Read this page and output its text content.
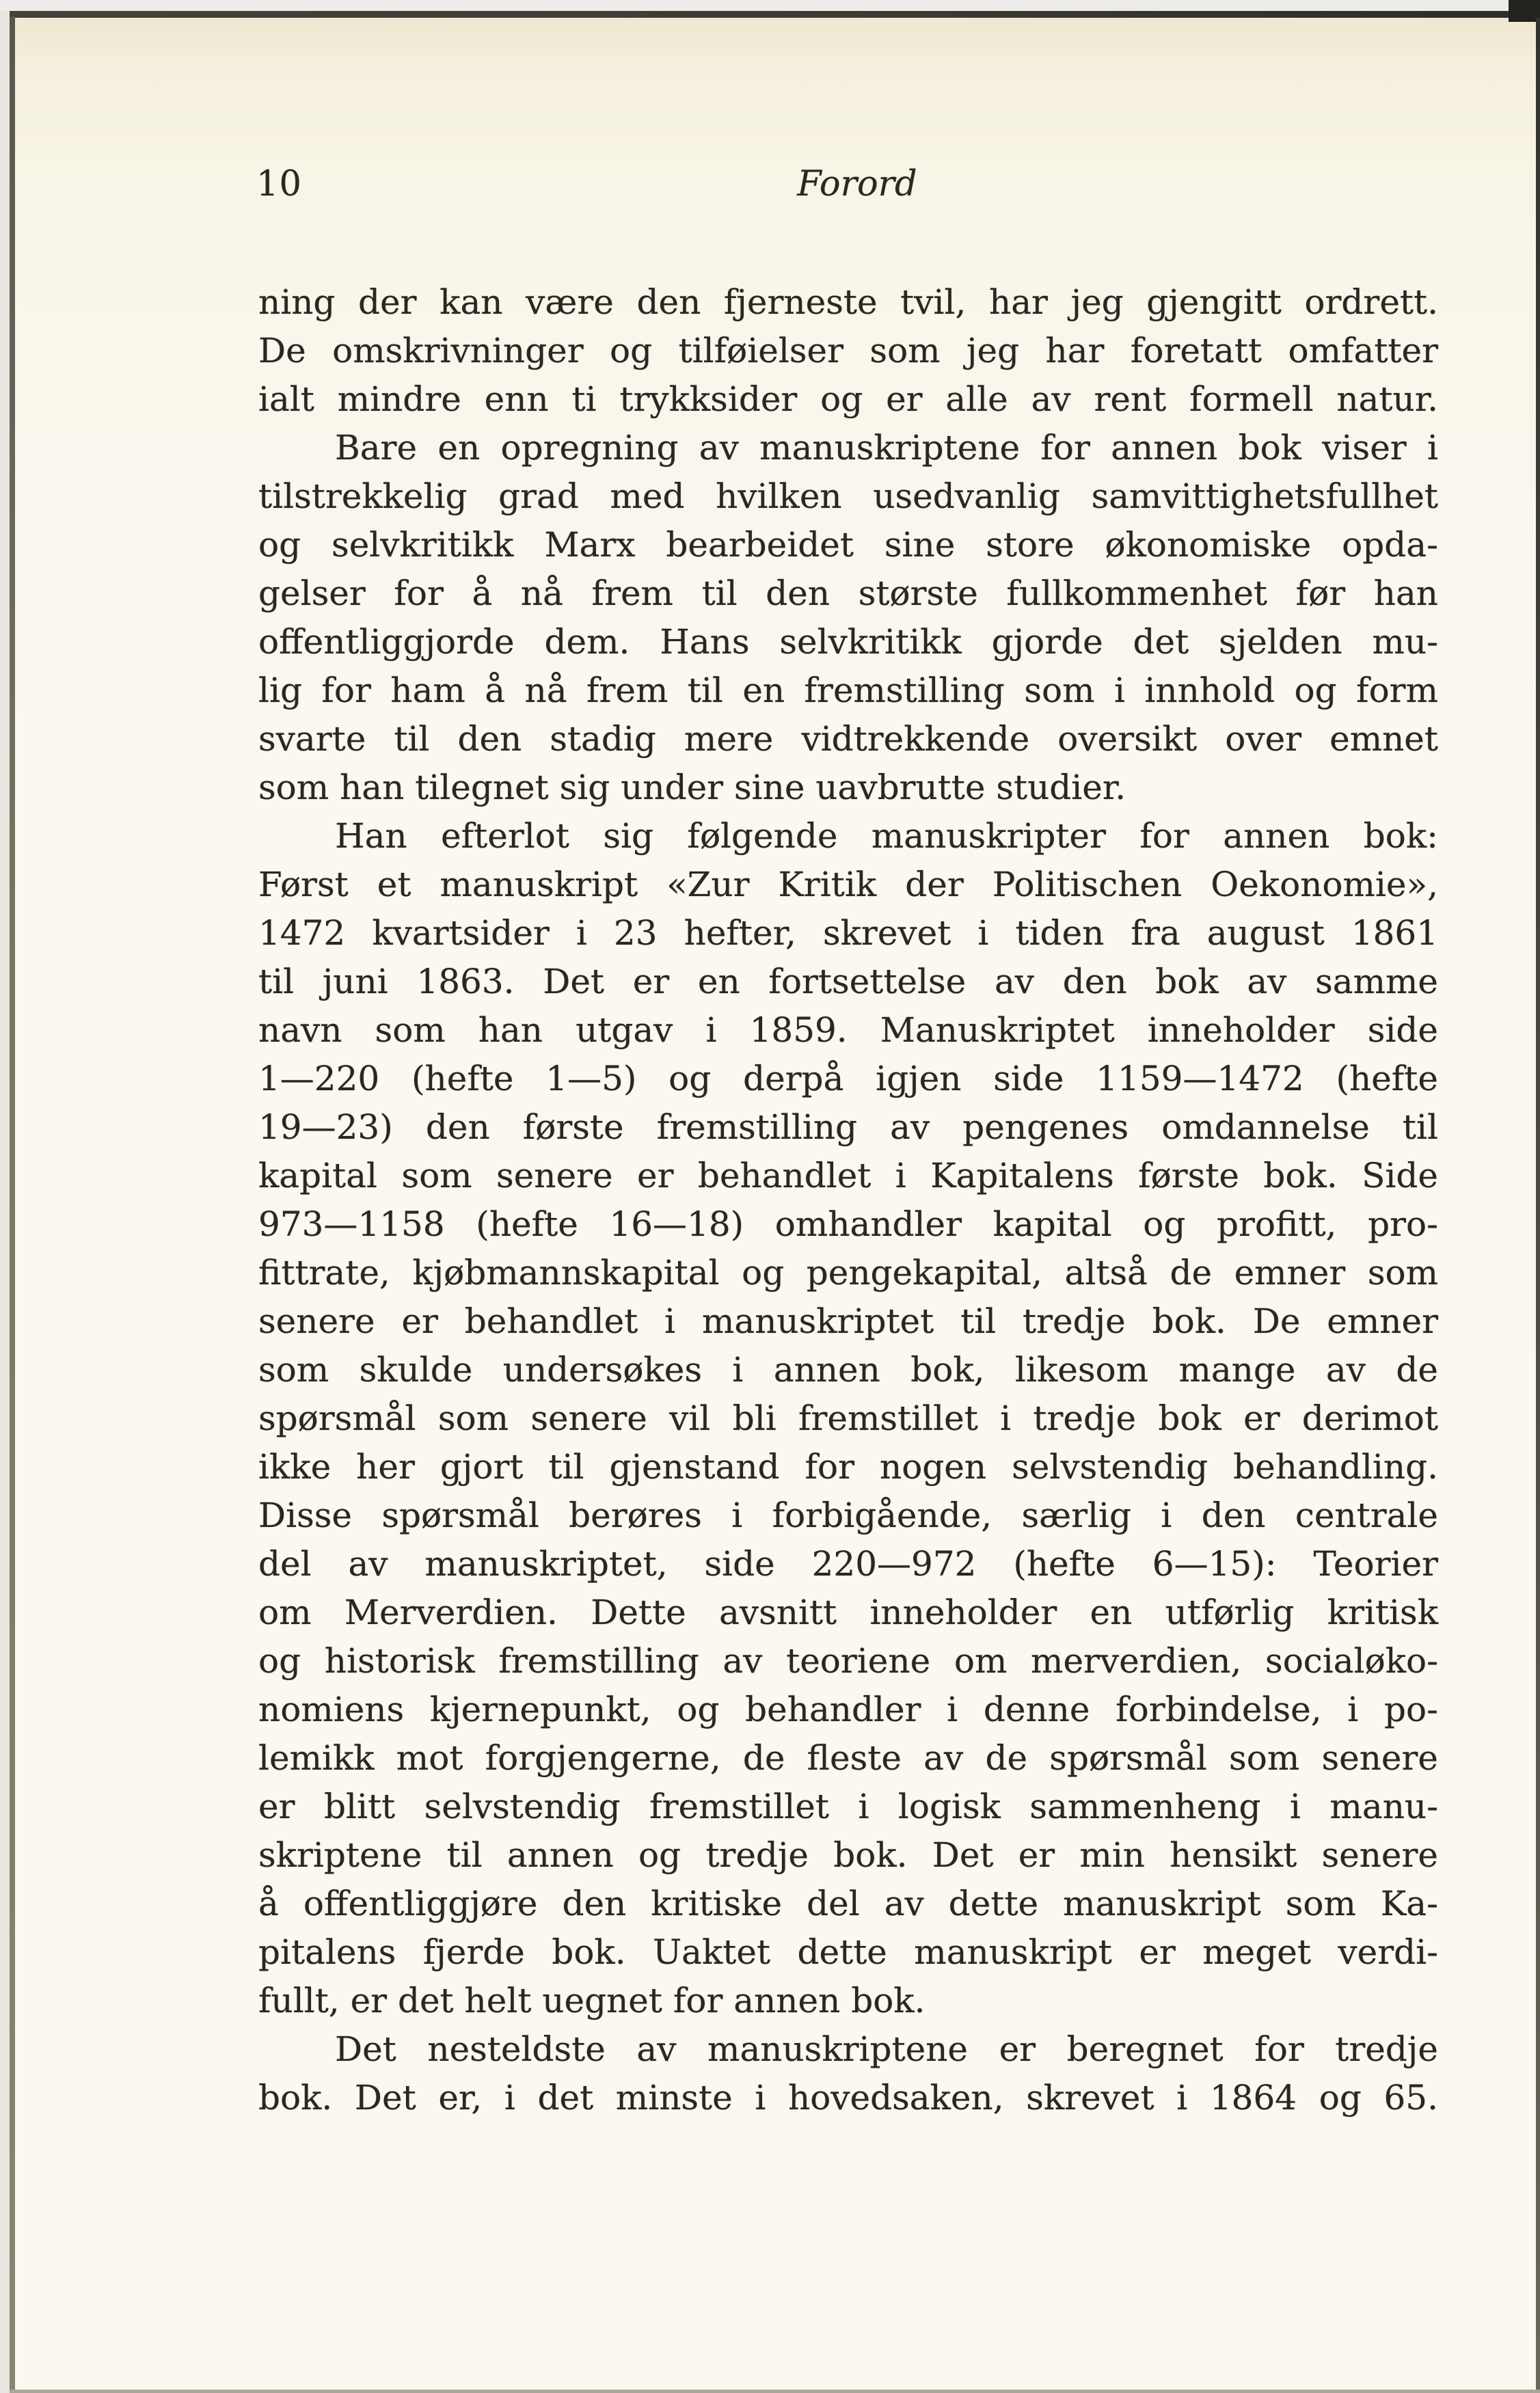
10	Forord
ning der kan være den fjerneste tvil, har jeg gjengitt ordrett.
De omskrivninger og tilføielser som jeg har foretatt omfatter
ialt mindre enn ti trykksider og er alle av rent formell natur.
Bare en opregning av manuskriptene for annen bok viser i
tilstrekkelig grad med hvilken usedvanlig samvittighetsfullhet
og selvkritikk Marx bearbeidet sine store økonomiske opda-
gelser for å nå frem til den største fullkommenhet før han
offentliggjorde dem. Hans selvkritikk gjorde det sjelden mu-
lig for ham å nå frem til en fremstilling som i innhold og form
svarte til den stadig mere vidtrekkende oversikt over emnet
som han tilegnet sig under sine uavbrutte studier.
Han efterlot sig følgende manuskripter for annen bok:
Først et manuskript «Zur Kritik der Politischen Oekonomie»,
1472 kvartsider i 23 hefter, skrevet i tiden fra august 1861
til juni 1863. Det er en fortsettelse av den bok av samme
navn som han utgav i 1859. Manuskriptet inneholder side
1—220 (hefte 1—5) og derpå igjen side 1159—1472 (hefte
19—23) den første fremstilling av pengenes omdannelse til
kapital som senere er behandlet i Kapitalens første bok. Side
973—1158 (hefte 16—18) omhandler kapital og profitt, pro-
fittrate, kjøbmannskapital og pengekapital, altså de emner som
senere er behandlet i manuskriptet til tredje bok. De emner
som skulde undersøkes i annen bok, likesom mange av de
spørsmål som senere vil bli fremstillet i tredje bok er derimot
ikke her gjort til gjenstand for nogen selvstendig behandling.
Disse spørsmål berøres i forbigående, særlig i den centrale
del av manuskriptet, side 220—972 (hefte 6—15): Teorier
om Merverdien. Dette avsnitt inneholder en utførlig kritisk
og historisk fremstilling av teoriene om merverdien, socialøko-
nomiens kjernepunkt, og behandler i denne forbindelse, i po-
lemikk mot forgjengerne, de fleste av de spørsmål som senere
er blitt selvstendig fremstillet i logisk sammenheng i manu-
skriptene til annen og tredje bok. Det er min hensikt senere
å offentliggjøre den kritiske del av dette manuskript som Ka-
pitalens fjerde bok. Uaktet dette manuskript er meget verdi-
fullt, er det helt uegnet for annen bok.
Det nesteldste av manuskriptene er beregnet for tredje
bok. Det er, i det minste i hovedsaken, skrevet i 1864 og 65.
